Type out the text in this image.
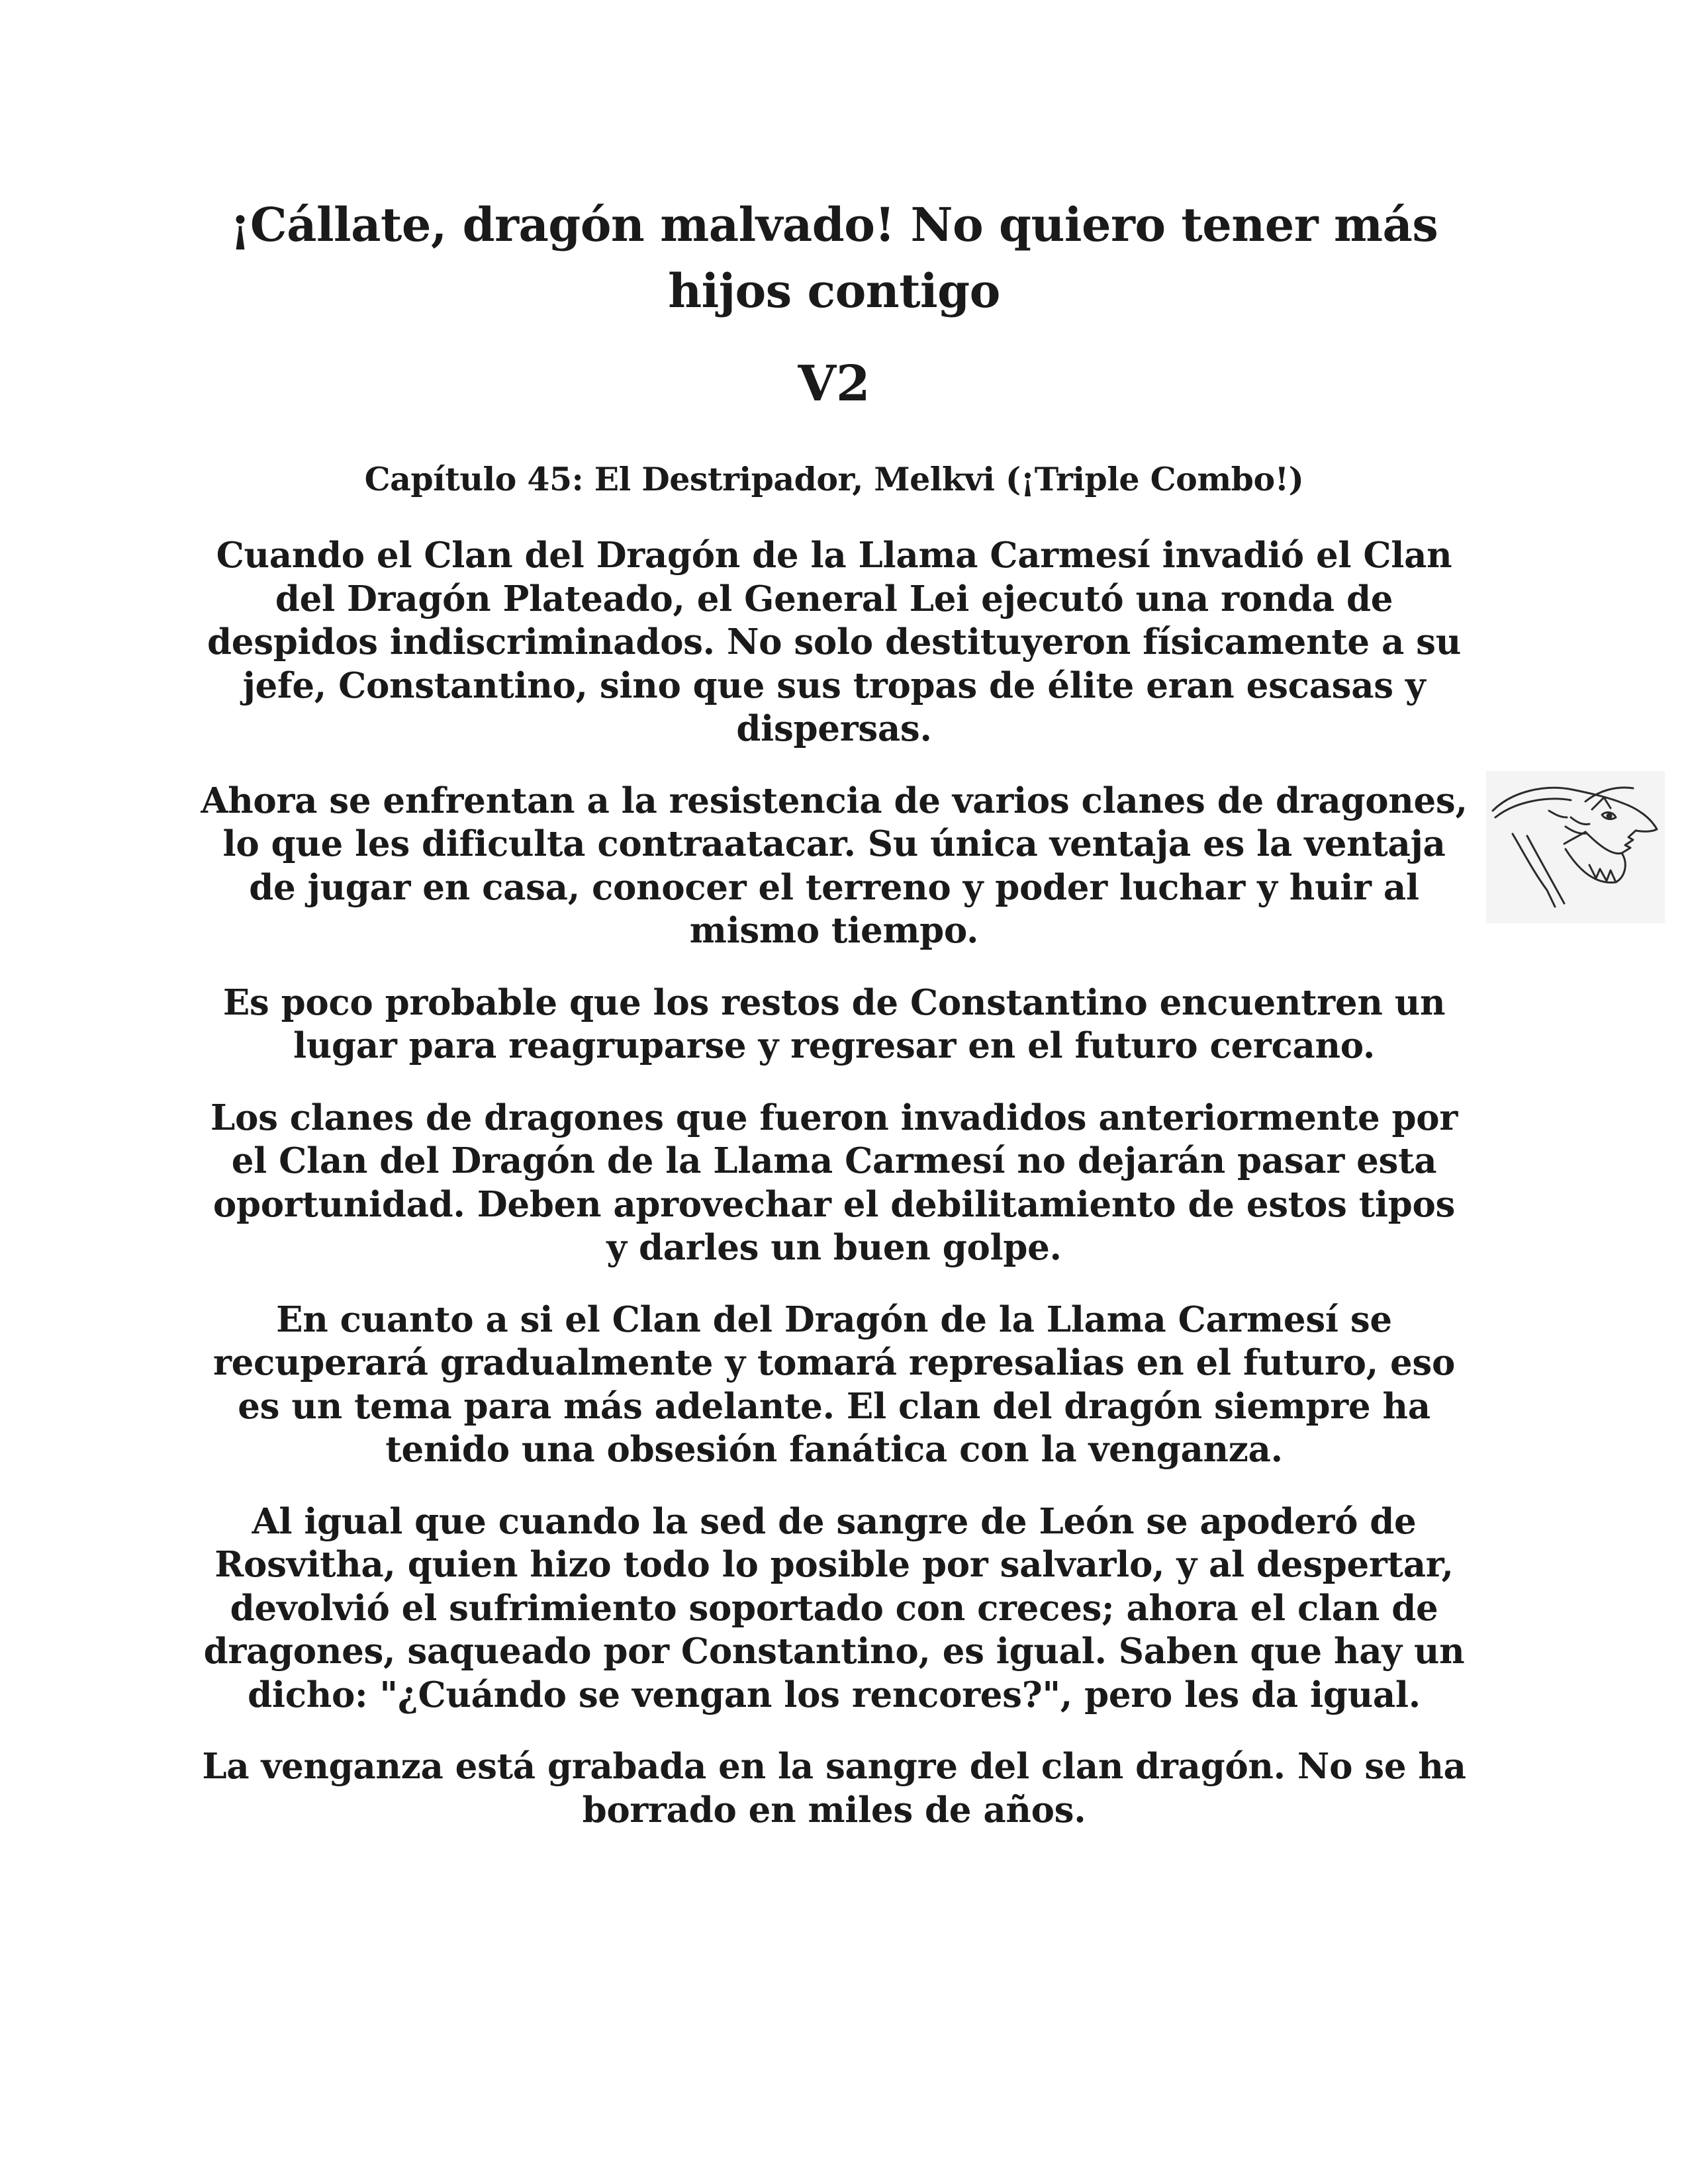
¡Cállate, dragón malvado! No quiero tener más hijos contigo
V2
Capítulo 45: El Destripador, Melkvi (¡Triple Combo!)

Cuando el Clan del Dragón de la Llama Carmesí invadió el Clan del Dragón Plateado, el General Lei ejecutó una ronda de despidos indiscriminados. No solo destituyeron físicamente a su jefe, Constantino, sino que sus tropas de élite eran escasas y dispersas.

Ahora se enfrentan a la resistencia de varios clanes de dragones, lo que les dificulta contraatacar. Su única ventaja es la ventaja de jugar en casa, conocer el terreno y poder luchar y huir al mismo tiempo.

Es poco probable que los restos de Constantino encuentren un lugar para reagruparse y regresar en el futuro cercano.

Los clanes de dragones que fueron invadidos anteriormente por el Clan del Dragón de la Llama Carmesí no dejarán pasar esta oportunidad. Deben aprovechar el debilitamiento de estos tipos y darles un buen golpe.

En cuanto a si el Clan del Dragón de la Llama Carmesí se recuperará gradualmente y tomará represalias en el futuro, eso es un tema para más adelante. El clan del dragón siempre ha tenido una obsesión fanática con la venganza.

Al igual que cuando la sed de sangre de León se apoderó de Rosvitha, quien hizo todo lo posible por salvarlo, y al despertar, devolvió el sufrimiento soportado con creces; ahora el clan de dragones, saqueado por Constantino, es igual. Saben que hay un dicho: "¿Cuándo se vengan los rencores?", pero les da igual.

La venganza está grabada en la sangre del clan dragón. No se ha borrado en miles de años.
